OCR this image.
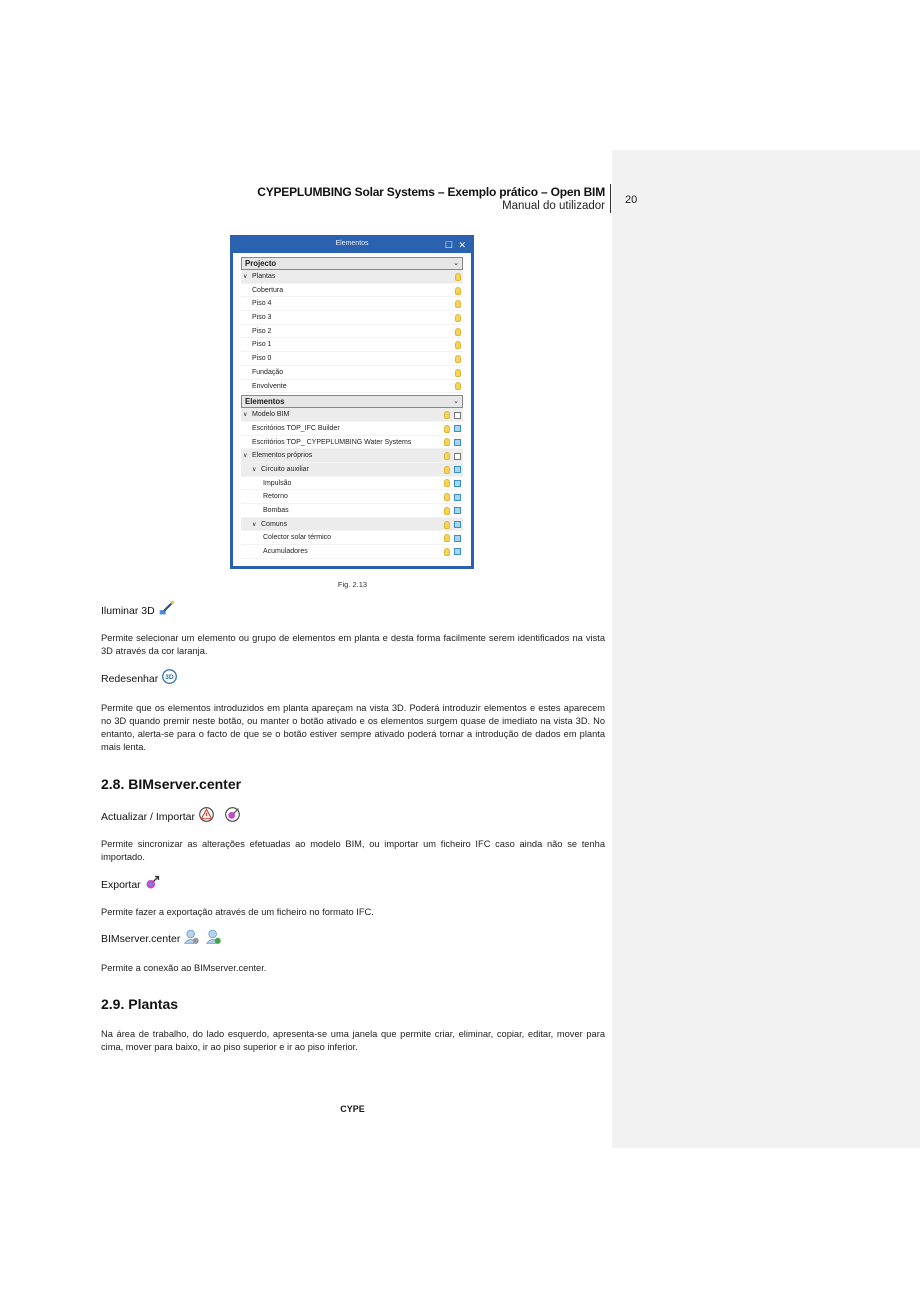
CYPEPLUMBING Solar Systems – Exemplo prático – Open BIM
Manual do utilizador 20
Elementos	☐ ✕
Projecto	⌄
∨ Plantas
Cobertura
Piso 4
Piso 3
Piso 2
Piso 1
Piso 0
Fundação
Envolvente
Elementos	⌄
∨ Modelo BIM
Escritórios TOP_IFC Builder
Escritórios TOP_ CYPEPLUMBING Water Systems
∨ Elementos próprios
∨ Circuito auxiliar
Impulsão
Retorno
Bombas
∨ Comuns
Colector solar térmico
Acumuladores
Fig. 2.13
Iluminar 3D
Permite selecionar um elemento ou grupo de elementos em planta e desta forma facilmente serem identificados na vista 3D através da cor laranja.
Redesenhar 3D
Permite que os elementos introduzidos em planta apareçam na vista 3D. Poderá introduzir elementos e estes aparecem no 3D quando premir neste botão, ou manter o botão ativado e os elementos surgem quase de imediato na vista 3D. No entanto, alerta-se para o facto de que se o botão estiver sempre ativado poderá tornar a introdução de dados em planta mais lenta.
2.8. BIMserver.center
Actualizar / Importar
Permite sincronizar as alterações efetuadas ao modelo BIM, ou importar um ficheiro IFC caso ainda não se tenha importado.
Exportar
Permite fazer a exportação através de um ficheiro no formato IFC.
BIMserver.center
Permite a conexão ao BIMserver.center.
2.9. Plantas
Na área de trabalho, do lado esquerdo, apresenta-se uma janela que permite criar, eliminar, copiar, editar, mover para cima, mover para baixo, ir ao piso superior e ir ao piso inferior.
CYPE
